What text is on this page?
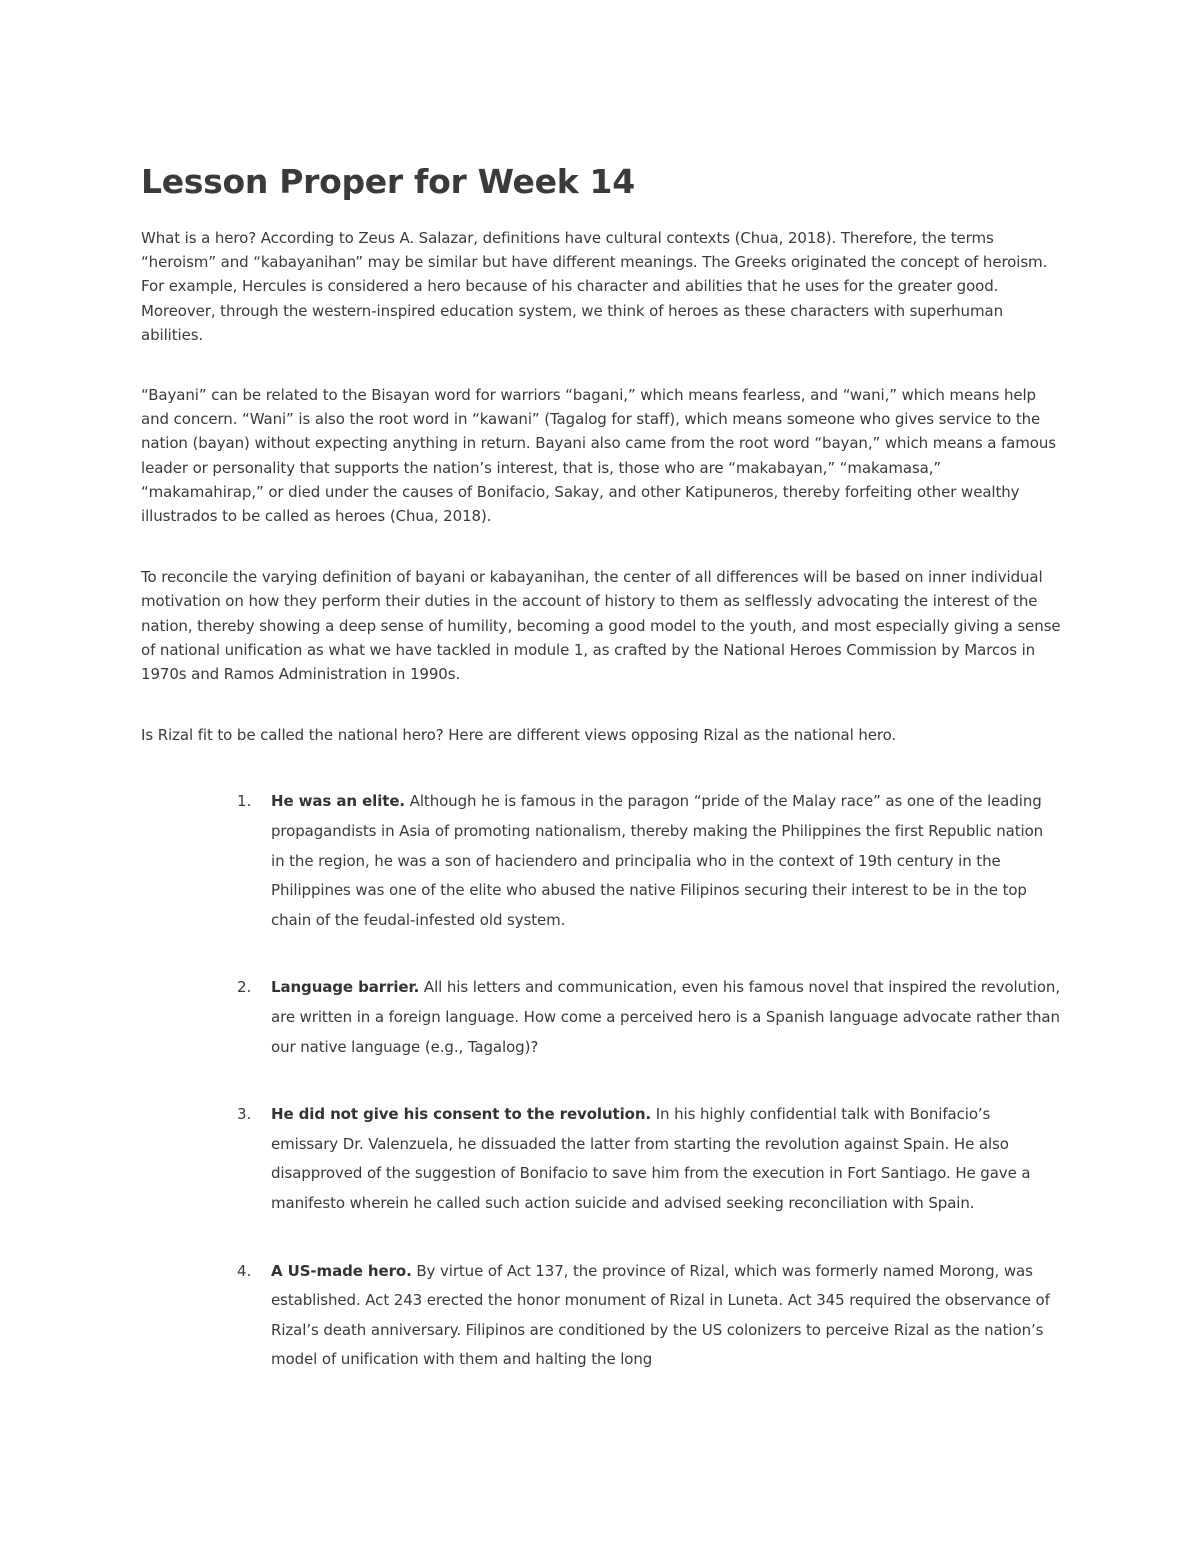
Lesson Proper for Week 14

What is a hero? According to Zeus A. Salazar, definitions have cultural contexts (Chua, 2018). Therefore, the terms “heroism” and “kabayanihan” may be similar but have different meanings. The Greeks originated the concept of heroism. For example, Hercules is considered a hero because of his character and abilities that he uses for the greater good. Moreover, through the western-inspired education system, we think of heroes as these characters with superhuman abilities.

“Bayani” can be related to the Bisayan word for warriors “bagani,” which means fearless, and “wani,” which means help and concern. “Wani” is also the root word in “kawani” (Tagalog for staff), which means someone who gives service to the nation (bayan) without expecting anything in return. Bayani also came from the root word “bayan,” which means a famous leader or personality that supports the nation’s interest, that is, those who are “makabayan,” “makamasa,” “makamahirap,” or died under the causes of Bonifacio, Sakay, and other Katipuneros, thereby forfeiting other wealthy illustrados to be called as heroes (Chua, 2018).

To reconcile the varying definition of bayani or kabayanihan, the center of all differences will be based on inner individual motivation on how they perform their duties in the account of history to them as selflessly advocating the interest of the nation, thereby showing a deep sense of humility, becoming a good model to the youth, and most especially giving a sense of national unification as what we have tackled in module 1, as crafted by the National Heroes Commission by Marcos in 1970s and Ramos Administration in 1990s.

Is Rizal fit to be called the national hero? Here are different views opposing Rizal as the national hero.

1. He was an elite. Although he is famous in the paragon “pride of the Malay race” as one of the leading propagandists in Asia of promoting nationalism, thereby making the Philippines the first Republic nation in the region, he was a son of haciendero and principalia who in the context of 19th century in the Philippines was one of the elite who abused the native Filipinos securing their interest to be in the top chain of the feudal-infested old system.
2. Language barrier. All his letters and communication, even his famous novel that inspired the revolution, are written in a foreign language. How come a perceived hero is a Spanish language advocate rather than our native language (e.g., Tagalog)?
3. He did not give his consent to the revolution. In his highly confidential talk with Bonifacio’s emissary Dr. Valenzuela, he dissuaded the latter from starting the revolution against Spain. He also disapproved of the suggestion of Bonifacio to save him from the execution in Fort Santiago. He gave a manifesto wherein he called such action suicide and advised seeking reconciliation with Spain.
4. A US-made hero. By virtue of Act 137, the province of Rizal, which was formerly named Morong, was established. Act 243 erected the honor monument of Rizal in Luneta. Act 345 required the observance of Rizal’s death anniversary. Filipinos are conditioned by the US colonizers to perceive Rizal as the nation’s model of unification with them and halting the long
